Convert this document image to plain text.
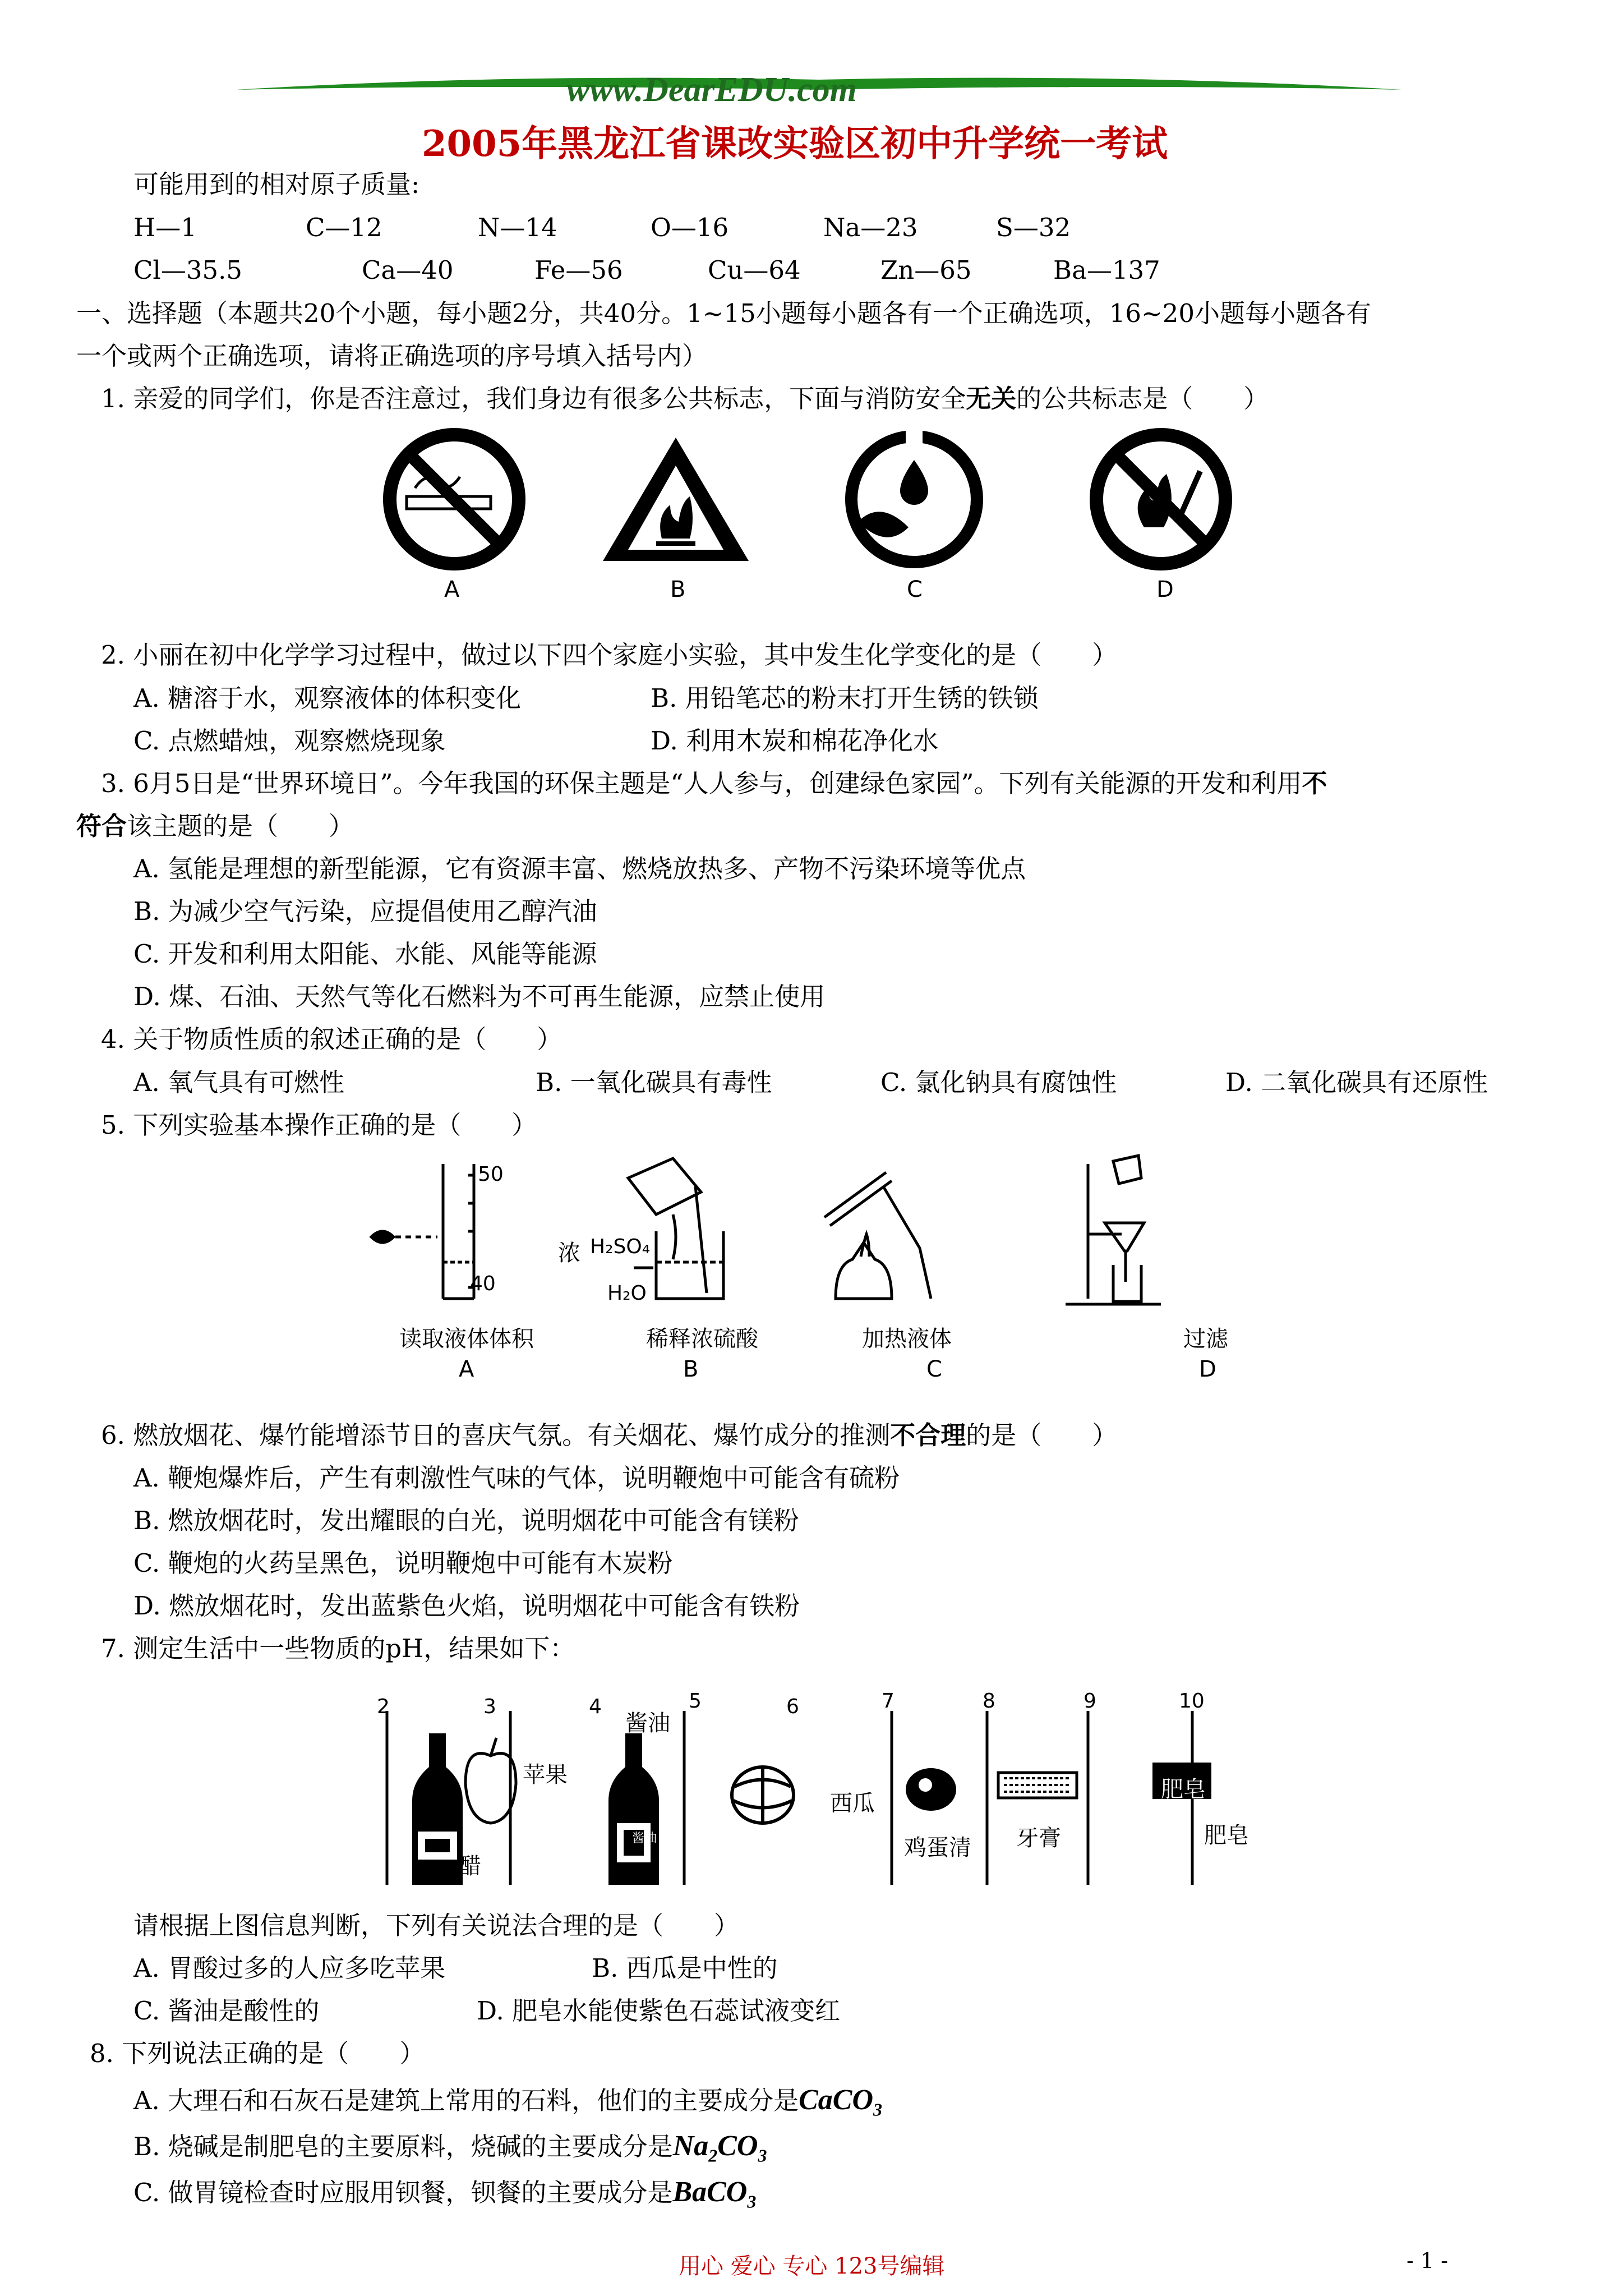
www.DearEDU.com
2005年黑龙江省课改实验区初中升学统一考试
可能用到的相对原子质量:
H—1	C—12	N—14	O—16	Na—23	S—32
Cl—35.5	Ca—40	Fe—56	Cu—64	Zn—65	Ba—137
一、选择题（本题共20个小题，每小题2分，共40分。1~15小题每小题各有一个正确选项，16~20小题每小题各有
一个或两个正确选项，请将正确选项的序号填入括号内）
1. 亲爱的同学们，你是否注意过，我们身边有很多公共标志，下面与消防安全无关的公共标志是（　　）
A	B	C	D
2. 小丽在初中化学学习过程中，做过以下四个家庭小实验，其中发生化学变化的是（　　）
A. 糖溶于水，观察液体的体积变化	B. 用铅笔芯的粉末打开生锈的铁锁
C. 点燃蜡烛，观察燃烧现象	D. 利用木炭和棉花净化水
3. 6月5日是“世界环境日”。今年我国的环保主题是“人人参与，创建绿色家园”。下列有关能源的开发和利用不
符合该主题的是（　　）
A. 氢能是理想的新型能源，它有资源丰富、燃烧放热多、产物不污染环境等优点
B. 为减少空气污染，应提倡使用乙醇汽油
C. 开发和利用太阳能、水能、风能等能源
D. 煤、石油、天然气等化石燃料为不可再生能源，应禁止使用
4. 关于物质性质的叙述正确的是（　　）
A. 氧气具有可燃性	B. 一氧化碳具有毒性	C. 氯化钠具有腐蚀性	D. 二氧化碳具有还原性
5. 下列实验基本操作正确的是（　　）
50
40
浓 H₂SO₄
H₂O
读取液体体积	稀释浓硫酸	加热液体	过滤
A	B	C	D
6. 燃放烟花、爆竹能增添节日的喜庆气氛。有关烟花、爆竹成分的推测不合理的是（　　）
A. 鞭炮爆炸后，产生有刺激性气味的气体，说明鞭炮中可能含有硫粉
B. 燃放烟花时，发出耀眼的白光，说明烟花中可能含有镁粉
C. 鞭炮的火药呈黑色，说明鞭炮中可能有木炭粉
D. 燃放烟花时，发出蓝紫色火焰，说明烟花中可能含有铁粉
7. 测定生活中一些物质的pH，结果如下：
2	3	4	5	6	7	8	9	10
醋
苹果
酱油
酱油
西瓜
鸡蛋清 牙膏
肥皂
肥皂
请根据上图信息判断，下列有关说法合理的是（　　）
A. 胃酸过多的人应多吃苹果	B. 西瓜是中性的
C. 酱油是酸性的	D. 肥皂水能使紫色石蕊试液变红
8. 下列说法正确的是（　　）
A. 大理石和石灰石是建筑上常用的石料，他们的主要成分是CaCO$_3$
B. 烧碱是制肥皂的主要原料，烧碱的主要成分是$Na_2CO_3$
C. 做胃镜检查时应服用钡餐，钡餐的主要成分是BaCO$_3$
用心 爱心 专心 123号编辑	- 1 -
